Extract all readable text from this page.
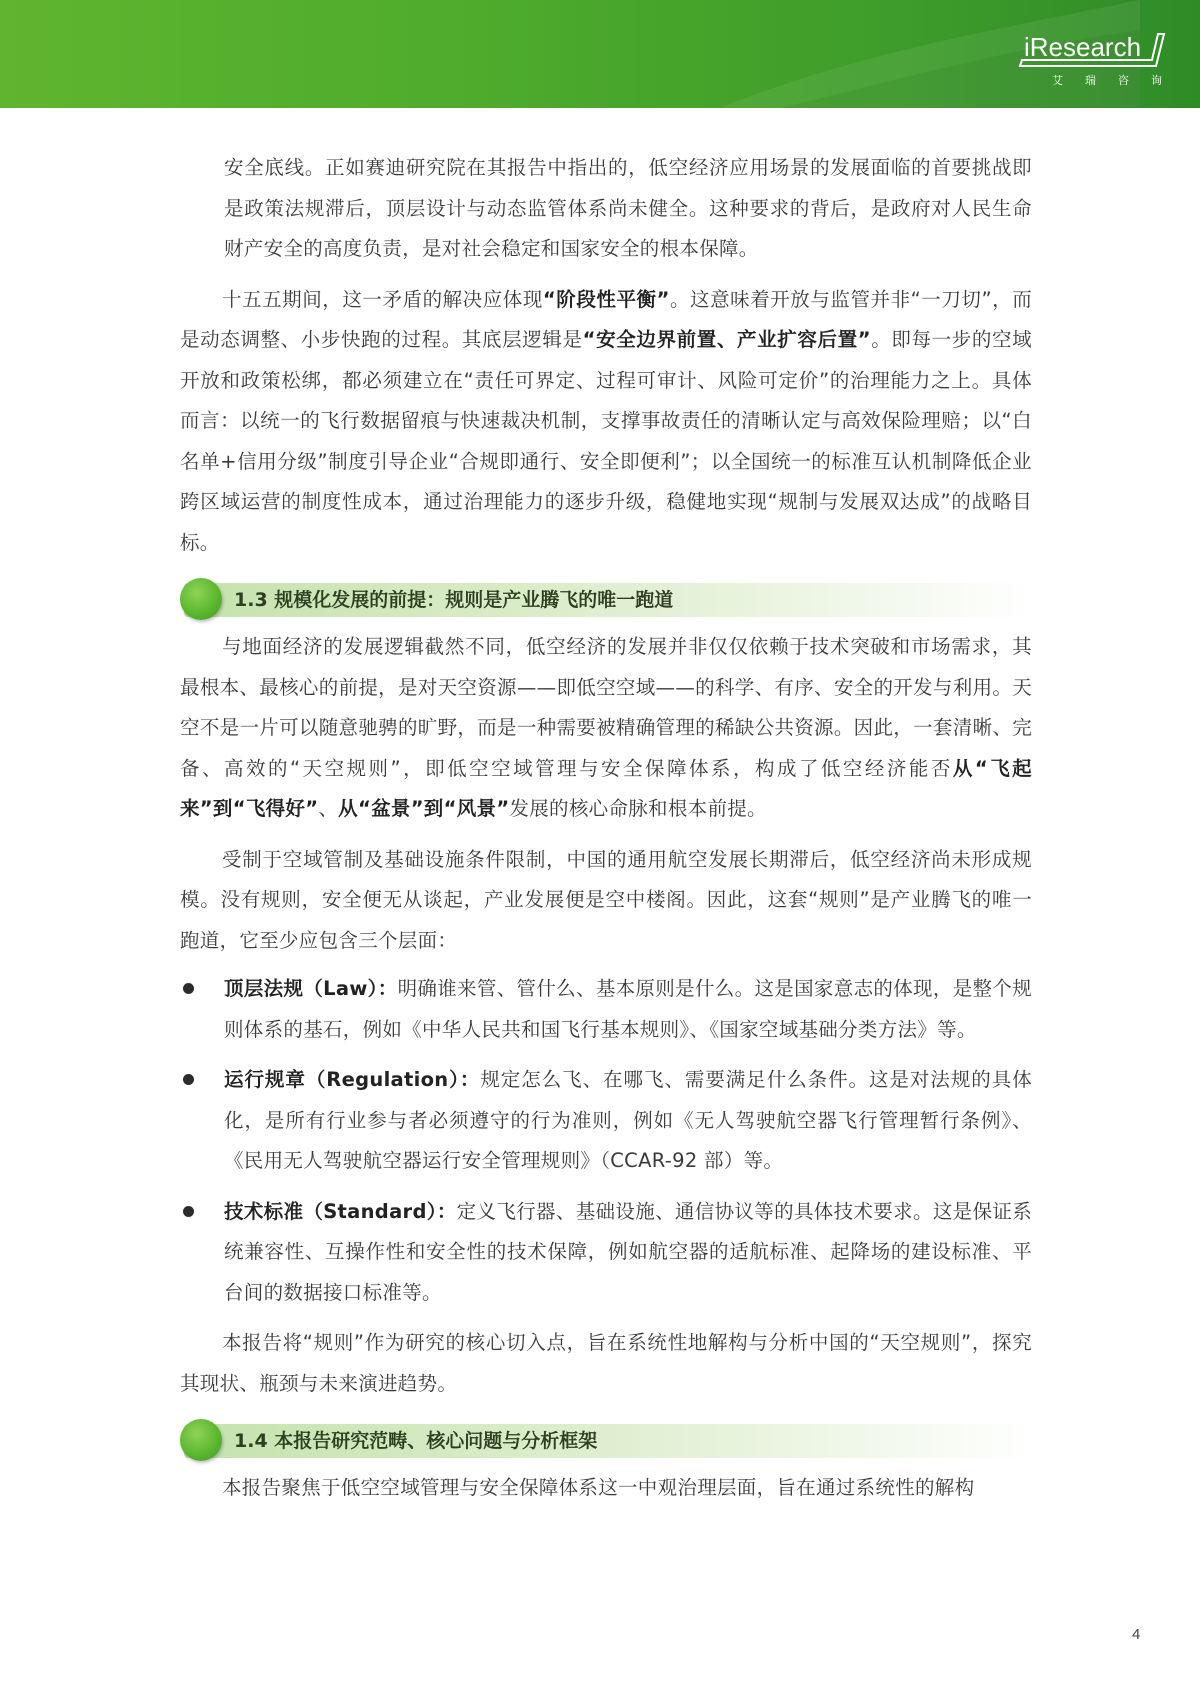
iResearch
艾 瑞 咨 询

安全底线。正如赛迪研究院在其报告中指出的，低空经济应用场景的发展面临的首要挑战即是政策法规滞后，顶层设计与动态监管体系尚未健全。这种要求的背后，是政府对人民生命财产安全的高度负责，是对社会稳定和国家安全的根本保障。

十五五期间，这一矛盾的解决应体现“阶段性平衡”。这意味着开放与监管并非“一刀切”，而是动态调整、小步快跑的过程。其底层逻辑是“安全边界前置、产业扩容后置”。即每一步的空域开放和政策松绑，都必须建立在“责任可界定、过程可审计、风险可定价”的治理能力之上。具体而言：以统一的飞行数据留痕与快速裁决机制，支撑事故责任的清晰认定与高效保险理赔；以“白名单+信用分级”制度引导企业“合规即通行、安全即便利”；以全国统一的标准互认机制降低企业跨区域运营的制度性成本，通过治理能力的逐步升级，稳健地实现“规制与发展双达成”的战略目标。

1.3 规模化发展的前提：规则是产业腾飞的唯一跑道

与地面经济的发展逻辑截然不同，低空经济的发展并非仅仅依赖于技术突破和市场需求，其最根本、最核心的前提，是对天空资源——即低空空域——的科学、有序、安全的开发与利用。天空不是一片可以随意驰骋的旷野，而是一种需要被精确管理的稀缺公共资源。因此，一套清晰、完备、高效的“天空规则”，即低空空域管理与安全保障体系，构成了低空经济能否从“飞起来”到“飞得好”、从“盆景”到“风景”发展的核心命脉和根本前提。

受制于空域管制及基础设施条件限制，中国的通用航空发展长期滞后，低空经济尚未形成规模。没有规则，安全便无从谈起，产业发展便是空中楼阁。因此，这套“规则”是产业腾飞的唯一跑道，它至少应包含三个层面：

顶层法规（Law）：明确谁来管、管什么、基本原则是什么。这是国家意志的体现，是整个规则体系的基石，例如《中华人民共和国飞行基本规则》、《国家空域基础分类方法》等。

运行规章（Regulation）：规定怎么飞、在哪飞、需要满足什么条件。这是对法规的具体化，是所有行业参与者必须遵守的行为准则，例如《无人驾驶航空器飞行管理暂行条例》、《民用无人驾驶航空器运行安全管理规则》（CCAR-92 部）等。

技术标准（Standard）：定义飞行器、基础设施、通信协议等的具体技术要求。这是保证系统兼容性、互操作性和安全性的技术保障，例如航空器的适航标准、起降场的建设标准、平台间的数据接口标准等。

本报告将“规则”作为研究的核心切入点，旨在系统性地解构与分析中国的“天空规则”，探究其现状、瓶颈与未来演进趋势。

1.4 本报告研究范畴、核心问题与分析框架

本报告聚焦于低空空域管理与安全保障体系这一中观治理层面，旨在通过系统性的解构

4
